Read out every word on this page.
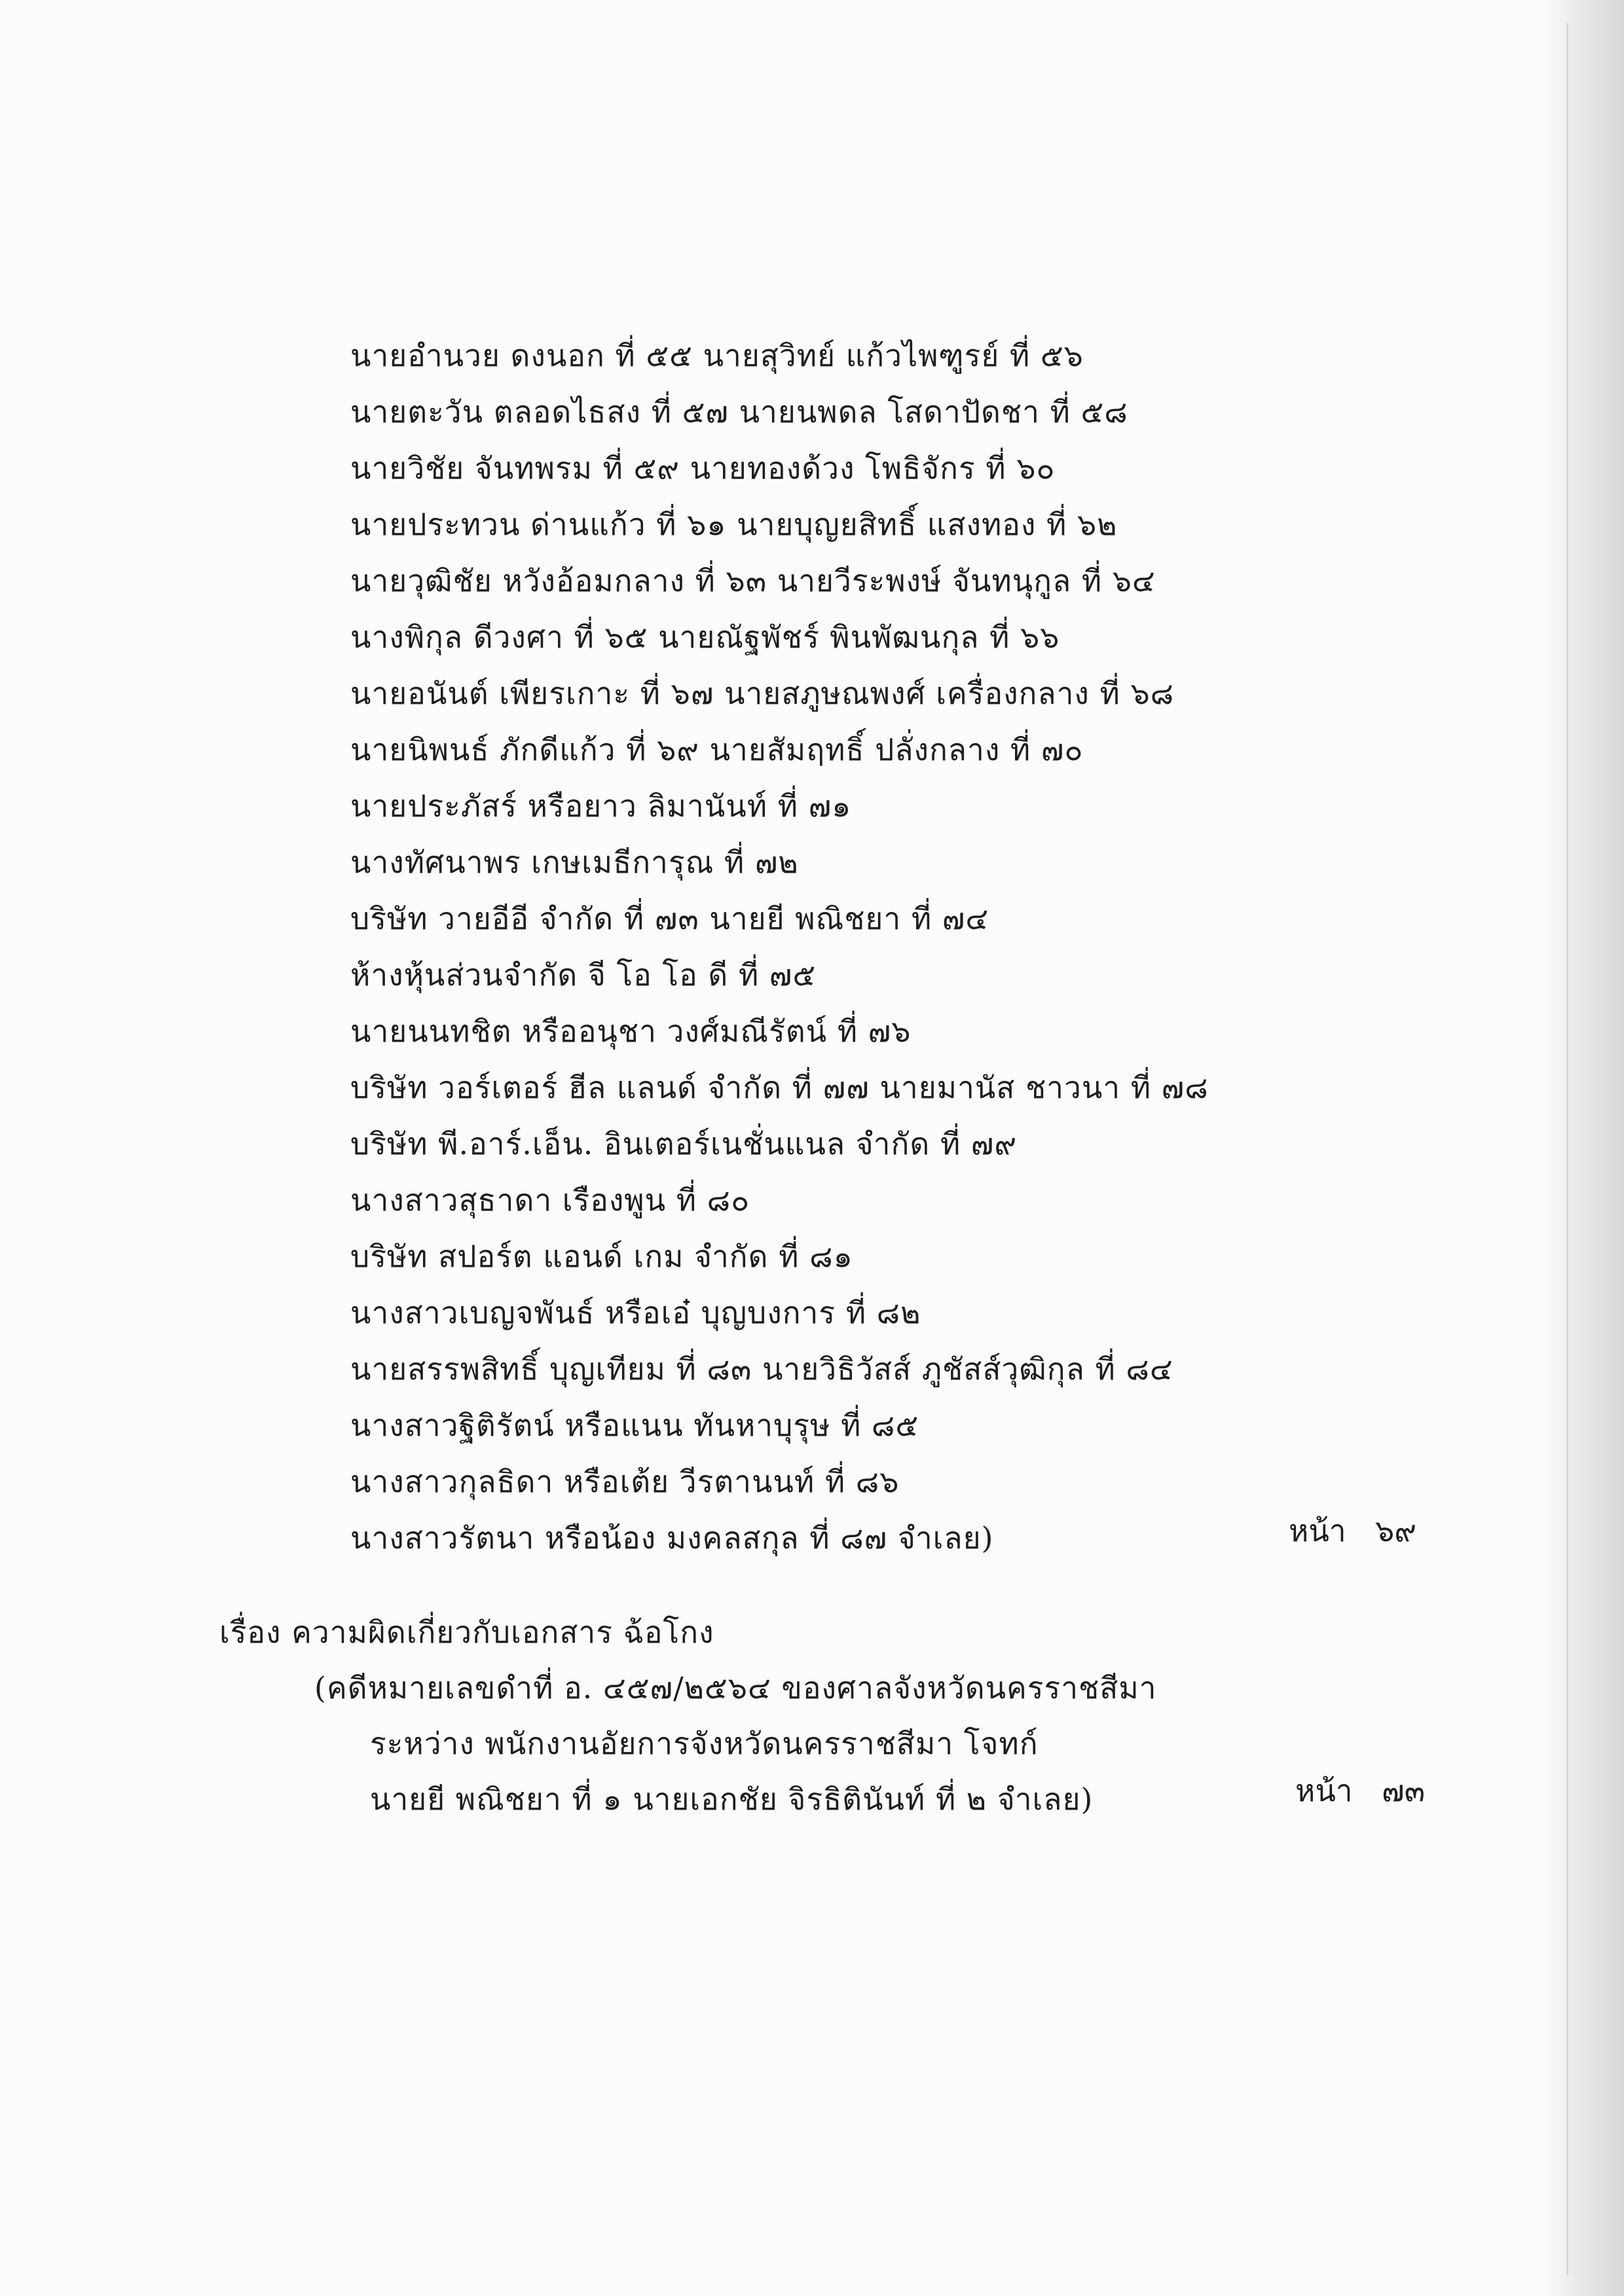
นายอำนวย ดงนอก ที่ ๕๕ นายสุวิทย์ แก้วไพฑูรย์ ที่ ๕๖
นายตะวัน ตลอดไธสง ที่ ๕๗ นายนพดล โสดาปัดชา ที่ ๕๘
นายวิชัย จันทพรม ที่ ๕๙ นายทองด้วง โพธิจักร ที่ ๖๐
นายประทวน ด่านแก้ว ที่ ๖๑ นายบุญยสิทธิ์ แสงทอง ที่ ๖๒
นายวุฒิชัย หวังอ้อมกลาง ที่ ๖๓ นายวีระพงษ์ จันทนุกูล ที่ ๖๔
นางพิกุล ดีวงศา ที่ ๖๕ นายณัฐพัชร์ พินพัฒนกุล ที่ ๖๖
นายอนันต์ เพียรเกาะ ที่ ๖๗ นายสภูษณพงศ์ เครื่องกลาง ที่ ๖๘
นายนิพนธ์ ภักดีแก้ว ที่ ๖๙ นายสัมฤทธิ์ ปลั่งกลาง ที่ ๗๐
นายประภัสร์ หรือยาว ลิมานันท์ ที่ ๗๑
นางทัศนาพร เกษเมธีการุณ ที่ ๗๒
บริษัท วายอีอี จำกัด ที่ ๗๓ นายยี พณิชยา ที่ ๗๔
ห้างหุ้นส่วนจำกัด จี โอ โอ ดี ที่ ๗๕
นายนนทชิต หรืออนุชา วงศ์มณีรัตน์ ที่ ๗๖
บริษัท วอร์เตอร์ ฮีล แลนด์ จำกัด ที่ ๗๗ นายมานัส ชาวนา ที่ ๗๘
บริษัท พี.อาร์.เอ็น. อินเตอร์เนชั่นแนล จำกัด ที่ ๗๙
นางสาวสุธาดา เรืองพูน ที่ ๘๐
บริษัท สปอร์ต แอนด์ เกม จำกัด ที่ ๘๑
นางสาวเบญจพันธ์ หรือเอ๋ บุญบงการ ที่ ๘๒
นายสรรพสิทธิ์ บุญเทียม ที่ ๘๓ นายวิธิวัสส์ ภูชัสส์วุฒิกุล ที่ ๘๔
นางสาวฐิติรัตน์ หรือแนน ทันหาบุรุษ ที่ ๘๕
นางสาวกุลธิดา หรือเต้ย วีรตานนท์ ที่ ๘๖
นางสาวรัตนา หรือน้อง มงคลสกุล ที่ ๘๗ จำเลย)	หน้า ๖๙
เรื่อง ความผิดเกี่ยวกับเอกสาร ฉ้อโกง
(คดีหมายเลขดำที่ อ. ๔๕๗/๒๕๖๔ ของศาลจังหวัดนครราชสีมา
ระหว่าง พนักงานอัยการจังหวัดนครราชสีมา โจทก์
นายยี พณิชยา ที่ ๑ นายเอกชัย จิรธิตินันท์ ที่ ๒ จำเลย)	หน้า ๗๓
